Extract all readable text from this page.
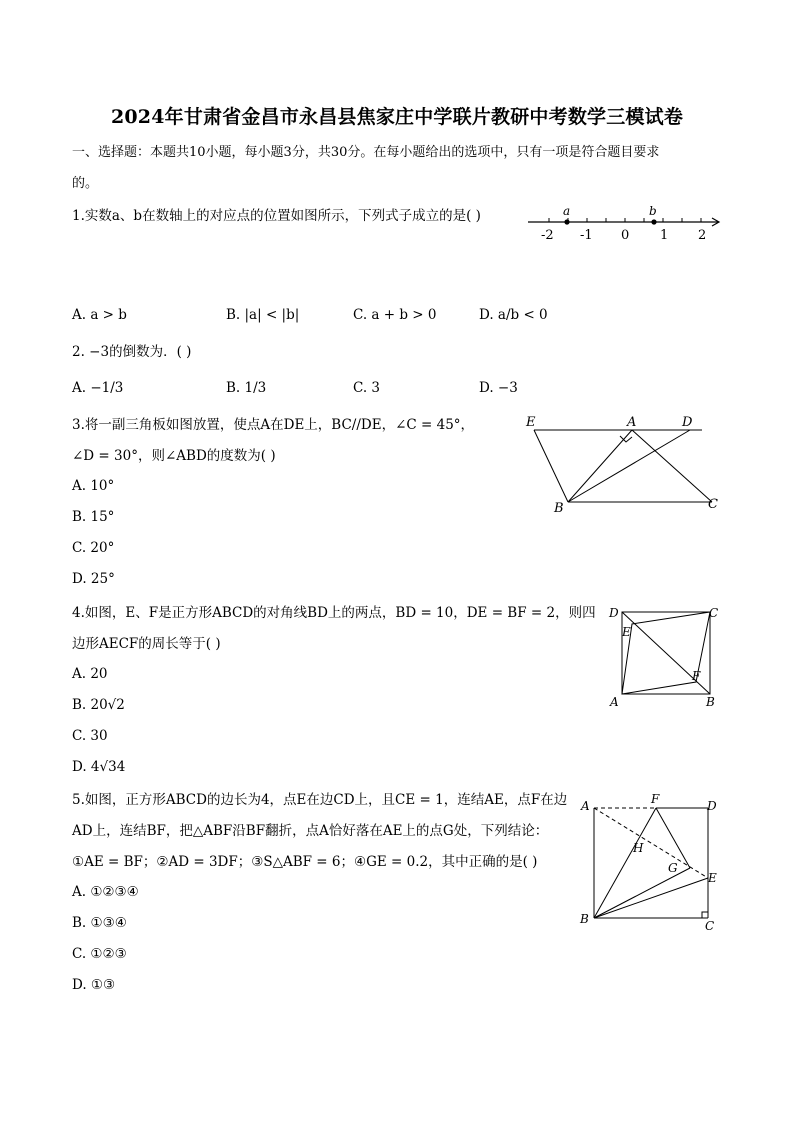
2024年甘肃省金昌市永昌县焦家庄中学联片教研中考数学三模试卷
一、选择题：本题共10小题，每小题3分，共30分。在每小题给出的选项中，只有一项是符合题目要求
的。
1.实数a、b在数轴上的对应点的位置如图所示，下列式子成立的是( )	a	b
-2 -1 0 1 2
A. a > b	B. |a| < |b|	C. a + b > 0	D. a/b < 0
2. −3的倒数为．( )
A. −1/3	B. 1/3	C. 3	D. −3
3.将一副三角板如图放置，使点A在DE上，BC//DE，∠C = 45°，
∠D = 30°，则∠ABD的度数为( )
A. 10°
B. 15°
C. 20°
D. 25°
E	A	D
B	C
4.如图，E、F是正方形ABCD的对角线BD上的两点，BD = 10，DE = BF = 2，则四
边形AECF的周长等于( )
A. 20
B. 20√2
C. 30
D. 4√34
D	C
E
F
A	B
5.如图，正方形ABCD的边长为4，点E在边CD上，且CE = 1，连结AE，点F在边
AD上，连结BF，把△ABF沿BF翻折，点A恰好落在AE上的点G处，下列结论：
①AE = BF；②AD = 3DF；③S△ABF = 6；④GE = 0.2，其中正确的是( )
A. ①②③④
B. ①③④
C. ①②③
D. ①③
A	F	D
H
G
E
B	C
